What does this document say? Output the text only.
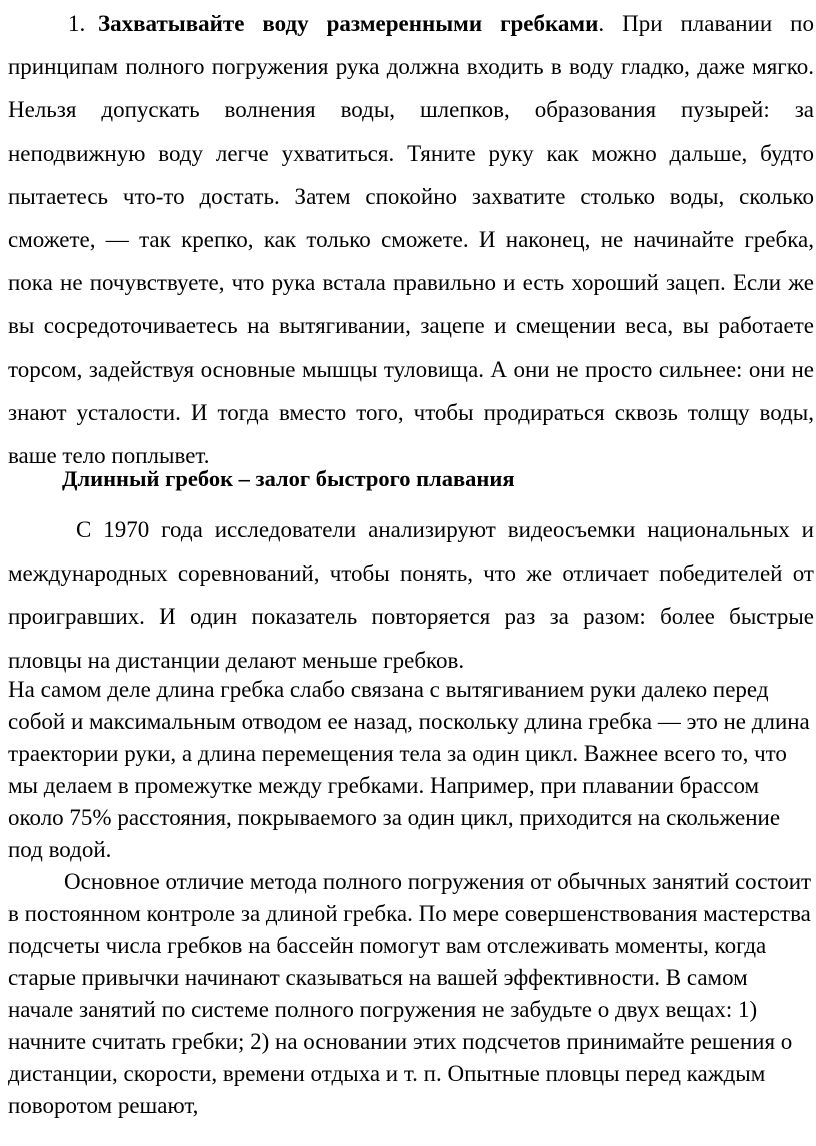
1. Захватывайте воду размеренными гребками. При плавании по принципам полного погружения рука должна входить в воду гладко, даже мягко. Нельзя допускать волнения воды, шлепков, образования пузырей: за неподвижную воду легче ухватиться. Тяните руку как можно дальше, будто пытаетесь что-то достать. Затем спокойно захватите столько воды, сколько сможете, — так крепко, как только сможете. И наконец, не начинайте гребка, пока не почувствуете, что рука встала правильно и есть хороший зацеп. Если же вы сосредоточиваетесь на вытягивании, зацепе и смещении веса, вы работаете торсом, задействуя основные мышцы туловища. А они не просто сильнее: они не знают усталости. И тогда вместо того, чтобы продираться сквозь толщу воды, ваше тело поплывет.

Длинный гребок – залог быстрого плавания

С 1970 года исследователи анализируют видеосъемки национальных и международных соревнований, чтобы понять, что же отличает победителей от проигравших. И один показатель повторяется раз за разом: более быстрые пловцы на дистанции делают меньше гребков.

На самом деле длина гребка слабо связана с вытягиванием руки далеко перед собой и максимальным отводом ее назад, поскольку длина гребка — это не длина траектории руки, а длина перемещения тела за один цикл. Важнее всего то, что мы делаем в промежутке между гребками. Например, при плавании брассом около 75% расстояния, покрываемого за один цикл, приходится на скольжение под водой.

Основное отличие метода полного погружения от обычных занятий состоит в постоянном контроле за длиной гребка. По мере совершенствования мастерства подсчеты числа гребков на бассейн помогут вам отслеживать моменты, когда старые привычки начинают сказываться на вашей эффективности. В самом начале занятий по системе полного погружения не забудьте о двух вещах: 1) начните считать гребки; 2) на основании этих подсчетов принимайте решения о дистанции, скорости, времени отдыха и т. п. Опытные пловцы перед каждым поворотом решают,
